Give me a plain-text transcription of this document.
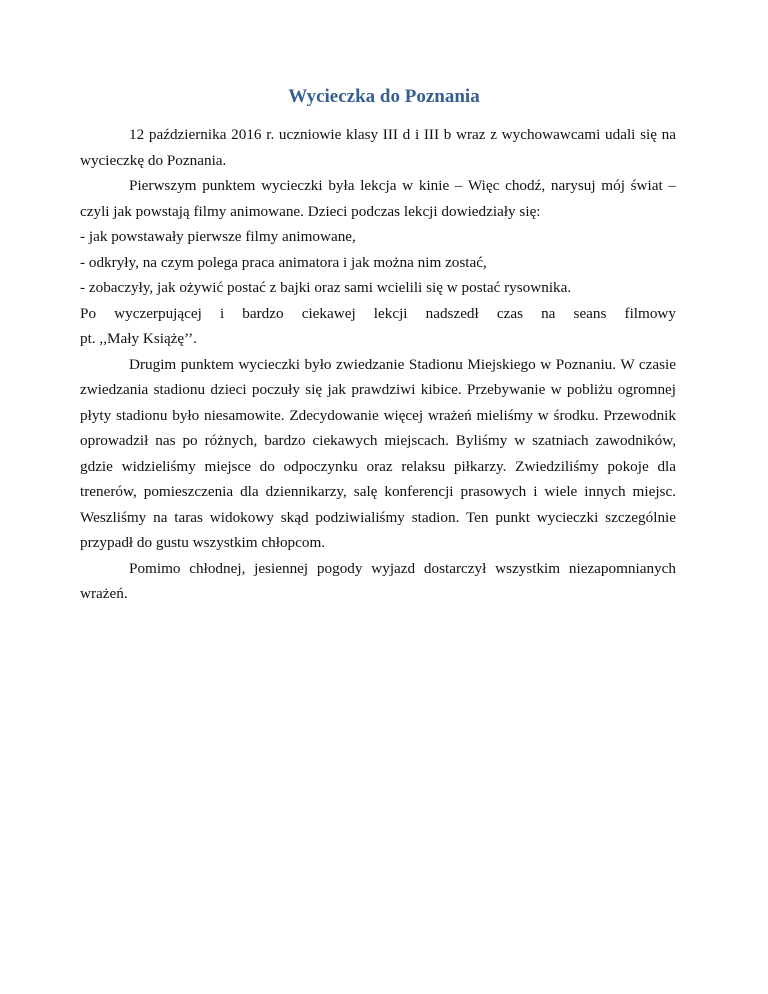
Wycieczka do Poznania

12 października 2016 r. uczniowie klasy III d i III b wraz z wychowawcami udali się na wycieczkę do Poznania.

Pierwszym punktem wycieczki była lekcja w kinie – Więc chodź, narysuj mój świat – czyli jak powstają filmy animowane. Dzieci podczas lekcji dowiedziały się:

- jak powstawały pierwsze filmy animowane,

- odkryły, na czym polega praca animatora i jak można nim zostać,

- zobaczyły, jak ożywić postać z bajki oraz sami wcielili się w postać rysownika.

Po wyczerpującej i bardzo ciekawej lekcji nadszedł czas na seans filmowy

pt. ,,Mały Książę’’.

Drugim punktem wycieczki było zwiedzanie Stadionu Miejskiego w Poznaniu. W czasie zwiedzania stadionu dzieci poczuły się jak prawdziwi kibice. Przebywanie w pobliżu ogromnej płyty stadionu było niesamowite. Zdecydowanie więcej wrażeń mieliśmy w środku. Przewodnik oprowadził nas po różnych, bardzo ciekawych miejscach. Byliśmy w szatniach zawodników, gdzie widzieliśmy miejsce do odpoczynku oraz relaksu piłkarzy. Zwiedziliśmy pokoje dla trenerów, pomieszczenia dla dziennikarzy, salę konferencji prasowych i wiele innych miejsc. Weszliśmy na taras widokowy skąd podziwialiśmy stadion. Ten punkt wycieczki szczególnie przypadł do gustu wszystkim chłopcom.

Pomimo chłodnej, jesiennej pogody wyjazd dostarczył wszystkim niezapomnianych wrażeń.
